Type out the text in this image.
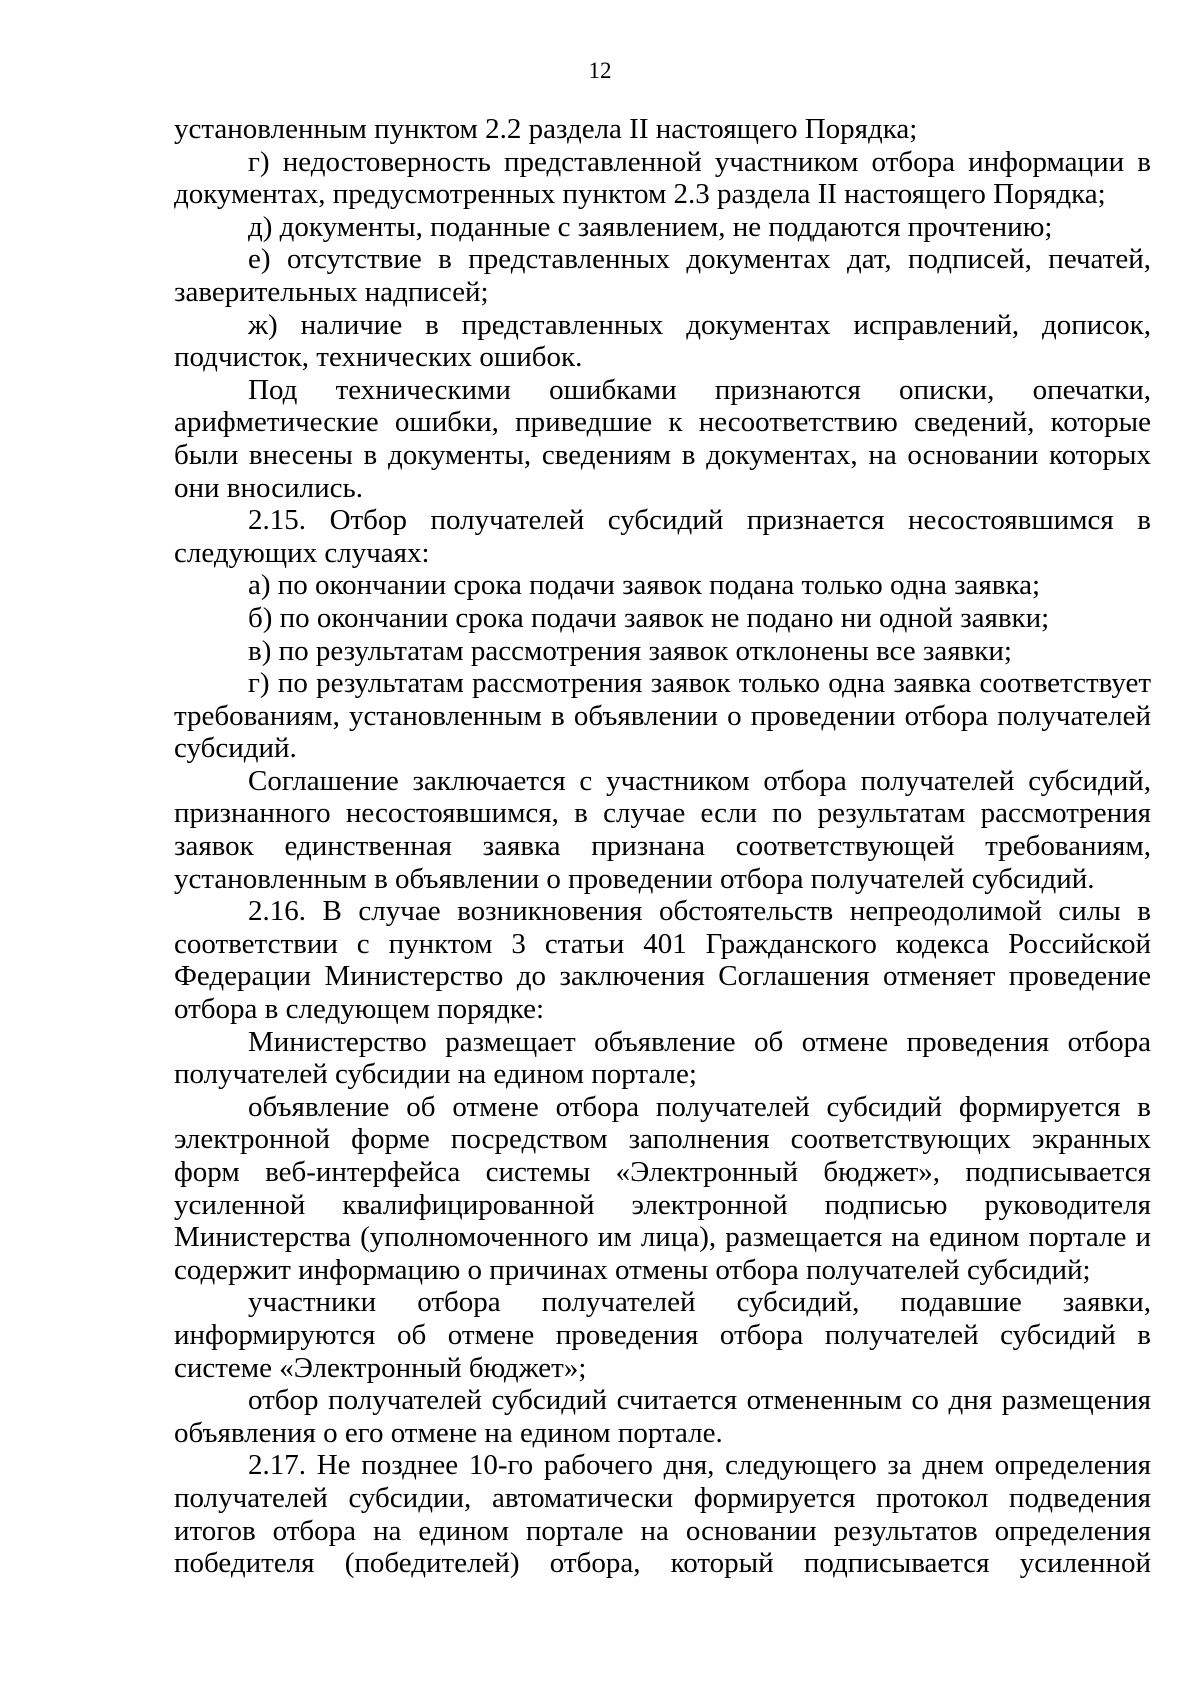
12

установленным пунктом 2.2 раздела II настоящего Порядка;

г) недостоверность представленной участником отбора информации в документах, предусмотренных пунктом 2.3 раздела II настоящего Порядка;

д) документы, поданные с заявлением, не поддаются прочтению;

е) отсутствие в представленных документах дат, подписей, печатей, заверительных надписей;

ж) наличие в представленных документах исправлений, дописок, подчисток, технических ошибок.

Под техническими ошибками признаются описки, опечатки, арифметические ошибки, приведшие к несоответствию сведений, которые были внесены в документы, сведениям в документах, на основании которых они вносились.

2.15. Отбор получателей субсидий признается несостоявшимся в следующих случаях:

а) по окончании срока подачи заявок подана только одна заявка;

б) по окончании срока подачи заявок не подано ни одной заявки;

в) по результатам рассмотрения заявок отклонены все заявки;

г) по результатам рассмотрения заявок только одна заявка соответствует требованиям, установленным в объявлении о проведении отбора получателей субсидий.

Соглашение заключается с участником отбора получателей субсидий, признанного несостоявшимся, в случае если по результатам рассмотрения заявок единственная заявка признана соответствующей требованиям, установленным в объявлении о проведении отбора получателей субсидий.

2.16. В случае возникновения обстоятельств непреодолимой силы в соответствии с пунктом 3 статьи 401 Гражданского кодекса Российской Федерации Министерство до заключения Соглашения отменяет проведение отбора в следующем порядке:

Министерство размещает объявление об отмене проведения отбора получателей субсидии на едином портале;

объявление об отмене отбора получателей субсидий формируется в электронной форме посредством заполнения соответствующих экранных форм веб-интерфейса системы «Электронный бюджет», подписывается усиленной квалифицированной электронной подписью руководителя Министерства (уполномоченного им лица), размещается на едином портале и содержит информацию о причинах отмены отбора получателей субсидий;

участники отбора получателей субсидий, подавшие заявки, информируются об отмене проведения отбора получателей субсидий в системе «Электронный бюджет»;

отбор получателей субсидий считается отмененным со дня размещения объявления о его отмене на едином портале.

2.17. Не позднее 10-го рабочего дня, следующего за днем определения получателей субсидии, автоматически формируется протокол подведения итогов отбора на едином портале на основании результатов определения победителя (победителей) отбора, который подписывается усиленной
